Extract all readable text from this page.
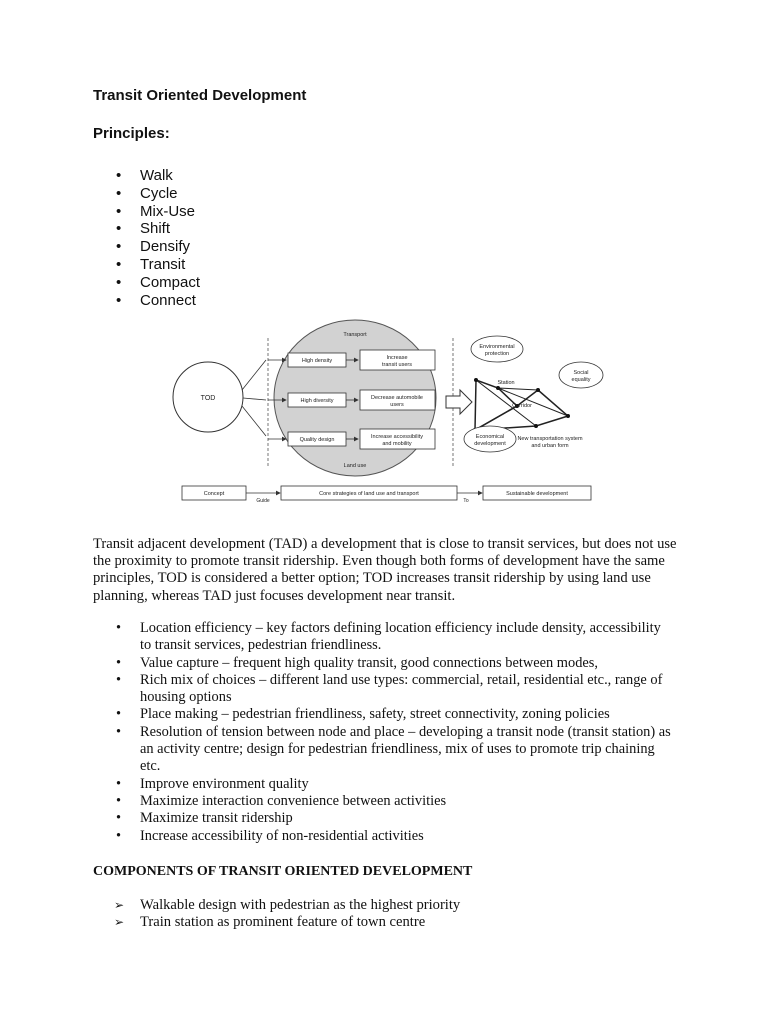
Transit Oriented Development
Principles:
• Walk
• Cycle
• Mix-Use
• Shift
• Densify
• Transit
• Compact
• Connect
TOD
Transport
Land use
High density
High diversity
Quality design
Increase
transit users
Decrease automobile
users
Increase accessibility
and mobility
Environmental
protection
Social
equality
Economical
development
Station
Corridor
New transportation system
and urban form
Concept
Guide
Core strategies of land use and transport
To
Sustainable development

Transit adjacent development (TAD) a development that is close to transit services, but does not use the proximity to promote transit ridership. Even though both forms of development have the same principles, TOD is considered a better option; TOD increases transit ridership by using land use planning, whereas TAD just focuses development near transit.

• Location efficiency – key factors defining location efficiency include density, accessibility to transit services, pedestrian friendliness.
• Value capture – frequent high quality transit, good connections between modes,
• Rich mix of choices – different land use types: commercial, retail, residential etc., range of housing options
• Place making – pedestrian friendliness, safety, street connectivity, zoning policies
• Resolution of tension between node and place – developing a transit node (transit station) as an activity centre; design for pedestrian friendliness, mix of uses to promote trip chaining etc.
• Improve environment quality
• Maximize interaction convenience between activities
• Maximize transit ridership
• Increase accessibility of non-residential activities
COMPONENTS OF TRANSIT ORIENTED DEVELOPMENT
➢ Walkable design with pedestrian as the highest priority
➢ Train station as prominent feature of town centre
